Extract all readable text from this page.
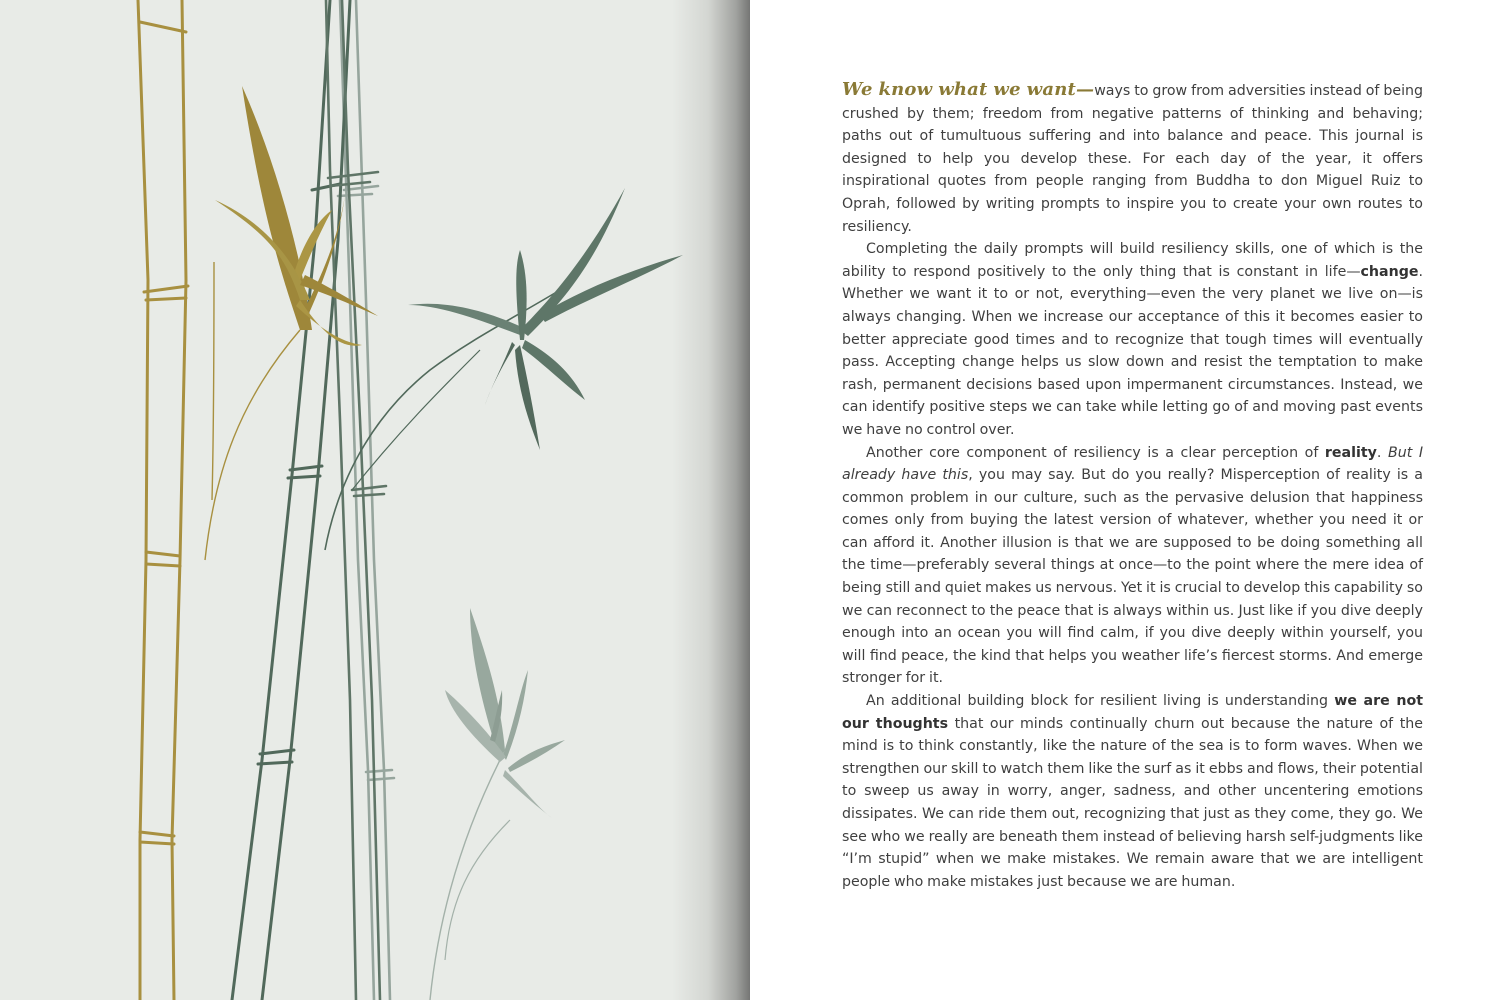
We know what we want—ways to grow from adversities instead of being crushed by them; freedom from negative patterns of thinking and behaving; paths out of tumultuous suffering and into balance and peace. This journal is designed to help you develop these. For each day of the year, it offers inspirational quotes from people ranging from Buddha to don Miguel Ruiz to Oprah, followed by writing prompts to inspire you to create your own routes to resiliency.

Completing the daily prompts will build resiliency skills, one of which is the ability to respond positively to the only thing that is constant in life—change. Whether we want it to or not, everything—even the very planet we live on—is always changing. When we increase our acceptance of this it becomes easier to better appreciate good times and to recognize that tough times will eventually pass. Accepting change helps us slow down and resist the temptation to make rash, permanent decisions based upon impermanent circumstances. Instead, we can identify positive steps we can take while letting go of and moving past events we have no control over.

Another core component of resiliency is a clear perception of reality. But I already have this, you may say. But do you really? Misperception of reality is a common problem in our culture, such as the pervasive delusion that happiness comes only from buying the latest version of whatever, whether you need it or can afford it. Another illusion is that we are supposed to be doing something all the time—preferably several things at once—to the point where the mere idea of being still and quiet makes us nervous. Yet it is crucial to develop this capability so we can reconnect to the peace that is always within us. Just like if you dive deeply enough into an ocean you will find calm, if you dive deeply within yourself, you will find peace, the kind that helps you weather life’s fiercest storms. And emerge stronger for it.

An additional building block for resilient living is understanding we are not our thoughts that our minds continually churn out because the nature of the mind is to think constantly, like the nature of the sea is to form waves. When we strengthen our skill to watch them like the surf as it ebbs and flows, their potential to sweep us away in worry, anger, sadness, and other uncentering emotions dissipates. We can ride them out, recognizing that just as they come, they go. We see who we really are beneath them instead of believing harsh self-judgments like “I’m stupid” when we make mistakes. We remain aware that we are intelligent people who make mistakes just because we are human.
